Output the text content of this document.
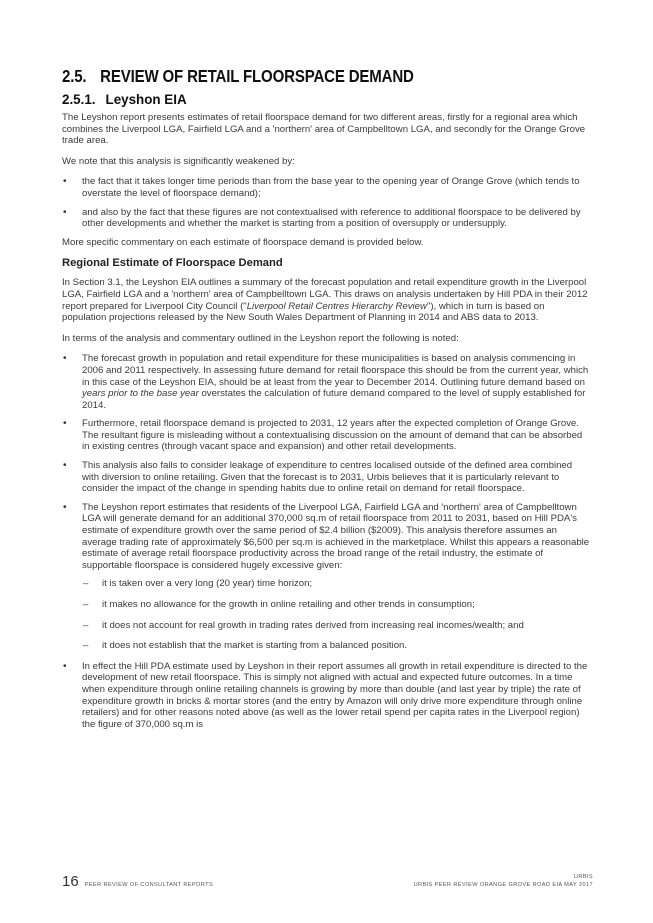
2.5. REVIEW OF RETAIL FLOORSPACE DEMAND
2.5.1. Leyshon EIA

The Leyshon report presents estimates of retail floorspace demand for two different areas, firstly for a regional area which combines the Liverpool LGA, Fairfield LGA and a 'northern' area of Campbelltown LGA, and secondly for the Orange Grove trade area.

We note that this analysis is significantly weakened by:

• the fact that it takes longer time periods than from the base year to the opening year of Orange Grove (which tends to overstate the level of floorspace demand);
• and also by the fact that these figures are not contextualised with reference to additional floorspace to be delivered by other developments and whether the market is starting from a position of oversupply or undersupply.

More specific commentary on each estimate of floorspace demand is provided below.

Regional Estimate of Floorspace Demand

In Section 3.1, the Leyshon EIA outlines a summary of the forecast population and retail expenditure growth in the Liverpool LGA, Fairfield LGA and a 'northern' area of Campbelltown LGA. This draws on analysis undertaken by Hill PDA in their 2012 report prepared for Liverpool City Council ("Liverpool Retail Centres Hierarchy Review"), which in turn is based on population projections released by the New South Wales Department of Planning in 2014 and ABS data to 2013.

In terms of the analysis and commentary outlined in the Leyshon report the following is noted:

• The forecast growth in population and retail expenditure for these municipalities is based on analysis commencing in 2006 and 2011 respectively. In assessing future demand for retail floorspace this should be from the current year, which in this case of the Leyshon EIA, should be at least from the year to December 2014. Outlining future demand based on years prior to the base year overstates the calculation of future demand compared to the level of supply established for 2014.
• Furthermore, retail floorspace demand is projected to 2031, 12 years after the expected completion of Orange Grove. The resultant figure is misleading without a contextualising discussion on the amount of demand that can be absorbed in existing centres (through vacant space and expansion) and other retail developments.
• This analysis also fails to consider leakage of expenditure to centres localised outside of the defined area combined with diversion to online retailing. Given that the forecast is to 2031, Urbis believes that it is particularly relevant to consider the impact of the change in spending habits due to online retail on demand for retail floorspace.
• The Leyshon report estimates that residents of the Liverpool LGA, Fairfield LGA and 'northern' area of Campbelltown LGA will generate demand for an additional 370,000 sq.m of retail floorspace from 2011 to 2031, based on Hill PDA's estimate of expenditure growth over the same period of $2.4 billion ($2009). This analysis therefore assumes an average trading rate of approximately $6,500 per sq.m is achieved in the marketplace. Whilst this appears a reasonable estimate of average retail floorspace productivity across the broad range of the retail industry, the estimate of supportable floorspace is considered hugely excessive given:
– it is taken over a very long (20 year) time horizon;
– it makes no allowance for the growth in online retailing and other trends in consumption;
– it does not account for real growth in trading rates derived from increasing real incomes/wealth; and
– it does not establish that the market is starting from a balanced position.
• In effect the Hill PDA estimate used by Leyshon in their report assumes all growth in retail expenditure is directed to the development of new retail floorspace. This is simply not aligned with actual and expected future outcomes. In a time when expenditure through online retailing channels is growing by more than double (and last year by triple) the rate of expenditure growth in bricks & mortar stores (and the entry by Amazon will only drive more expenditure through online retailers) and for other reasons noted above (as well as the lower retail spend per capita rates in the Liverpool region) the figure of 370,000 sq.m is
16 PEER REVIEW OF CONSULTANT REPORTS
URBIS
URBIS PEER REVIEW ORANGE GROVE ROAD EIA MAY 2017
